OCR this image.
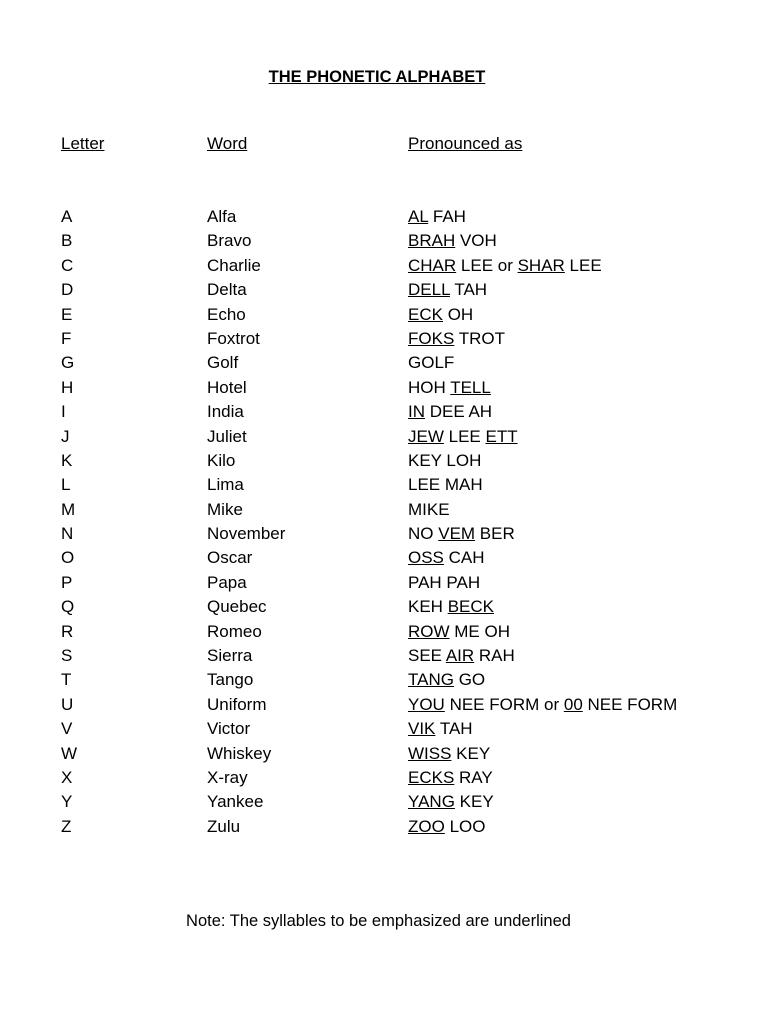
THE PHONETIC ALPHABET
Letter	Word	Pronounced as
A	Alfa	AL FAH
B	Bravo	BRAH VOH
C	Charlie	CHAR LEE or SHAR LEE
D	Delta	DELL TAH
E	Echo	ECK OH
F	Foxtrot	FOKS TROT
G	Golf	GOLF
H	Hotel	HOH TELL
I	India	IN DEE AH
J	Juliet	JEW LEE ETT
K	Kilo	KEY LOH
L	Lima	LEE MAH
M	Mike	MIKE
N	November	NO VEM BER
O	Oscar	OSS CAH
P	Papa	PAH PAH
Q	Quebec	KEH BECK
R	Romeo	ROW ME OH
S	Sierra	SEE AIR RAH
T	Tango	TANG GO
U	Uniform	YOU NEE FORM or 00 NEE FORM
V	Victor	VIK TAH
W	Whiskey	WISS KEY
X	X-ray	ECKS RAY
Y	Yankee	YANG KEY
Z	Zulu	ZOO LOO
Note: The syllables to be emphasized are underlined
